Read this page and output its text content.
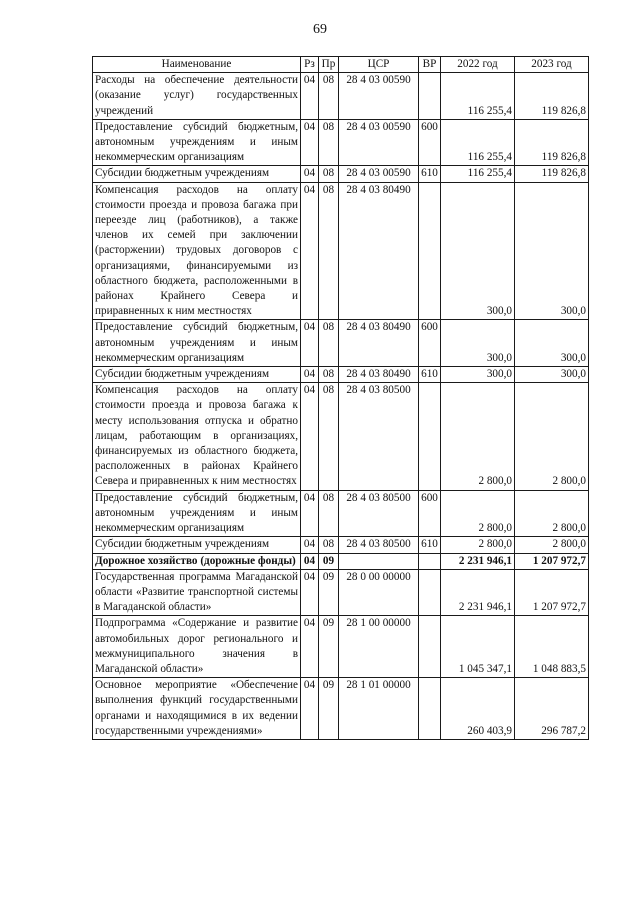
69
Наименование	Рз	Пр	ЦСР	ВР	2022 год	2023 год
Расходы на обеспечение деятельности (оказание услуг) государственных учреждений	04	08	28 4 03 00590		116 255,4	119 826,8
Предоставление субсидий бюджетным, автономным учреждениям и иным некоммерческим организациям	04	08	28 4 03 00590	600	116 255,4	119 826,8
Субсидии бюджетным учреждениям	04	08	28 4 03 00590	610	116 255,4	119 826,8
Компенсация расходов на оплату стоимости проезда и провоза багажа при переезде лиц (работников), а также членов их семей при заключении (расторжении) трудовых договоров с организациями, финансируемыми из областного бюджета, расположенными в районах Крайнего Севера и приравненных к ним местностях	04	08	28 4 03 80490		300,0	300,0
Предоставление субсидий бюджетным, автономным учреждениям и иным некоммерческим организациям	04	08	28 4 03 80490	600	300,0	300,0
Субсидии бюджетным учреждениям	04	08	28 4 03 80490	610	300,0	300,0
Компенсация расходов на оплату стоимости проезда и провоза багажа к месту использования отпуска и обратно лицам, работающим в организациях, финансируемых из областного бюджета, расположенных в районах Крайнего Севера и приравненных к ним местностях	04	08	28 4 03 80500		2 800,0	2 800,0
Предоставление субсидий бюджетным, автономным учреждениям и иным некоммерческим организациям	04	08	28 4 03 80500	600	2 800,0	2 800,0
Субсидии бюджетным учреждениям	04	08	28 4 03 80500	610	2 800,0	2 800,0
Дорожное хозяйство (дорожные фонды)	04	09			2 231 946,1	1 207 972,7
Государственная программа Магаданской области «Развитие транспортной системы в Магаданской области»	04	09	28 0 00 00000		2 231 946,1	1 207 972,7
Подпрограмма «Содержание и развитие автомобильных дорог регионального и межмуниципального значения в Магаданской области»	04	09	28 1 00 00000		1 045 347,1	1 048 883,5
Основное мероприятие «Обеспечение выполнения функций государственными органами и находящимися в их ведении государственными учреждениями»	04	09	28 1 01 00000		260 403,9	296 787,2
